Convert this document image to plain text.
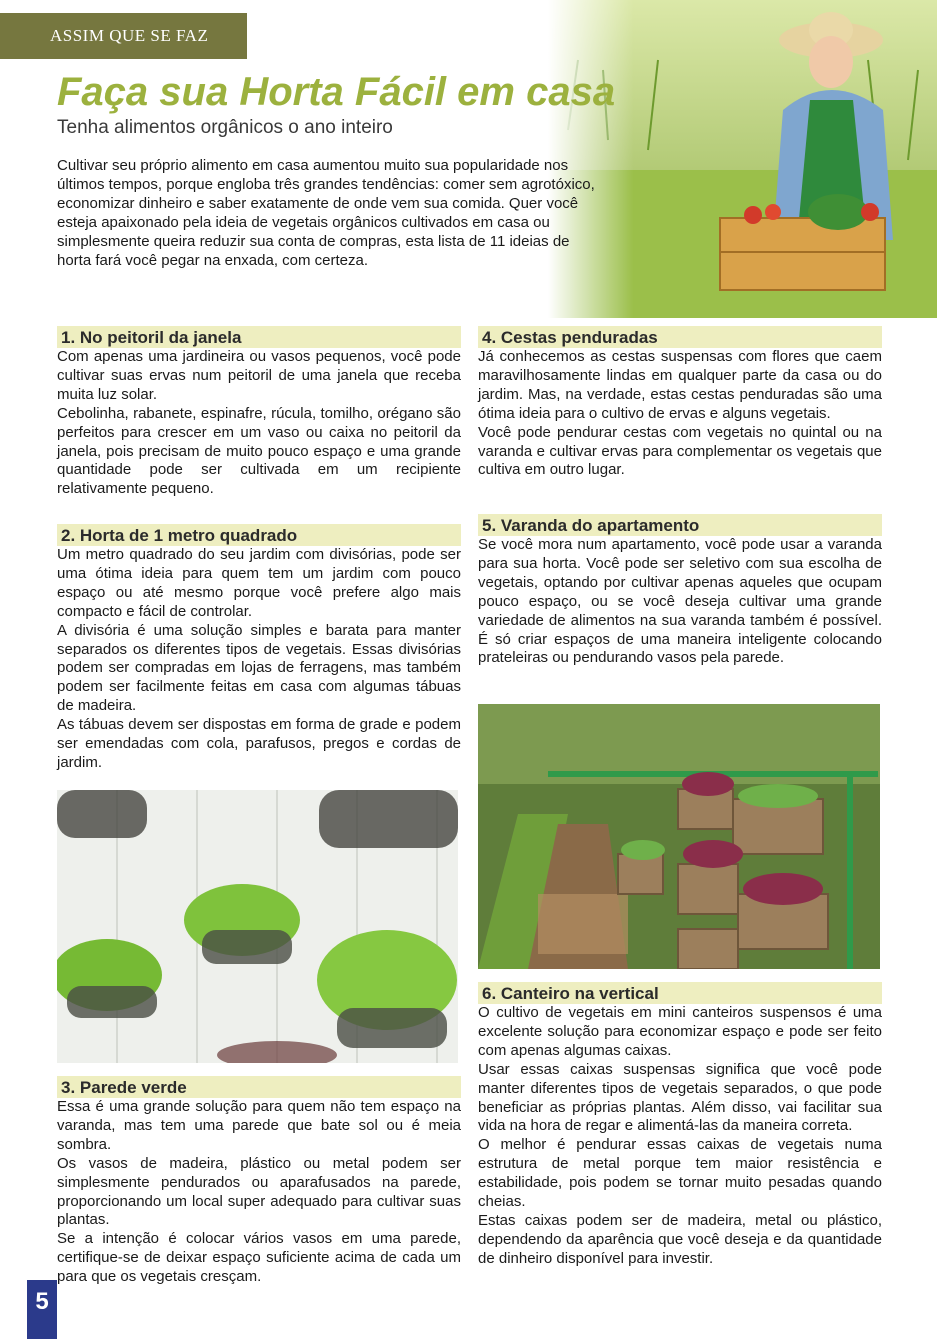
ASSIM QUE SE FAZ
Faça sua Horta Fácil em casa

Tenha alimentos orgânicos o ano inteiro

Cultivar seu próprio alimento em casa aumentou muito sua popularidade nos últimos tempos, porque engloba três grandes tendências: comer sem agrotóxico, economizar dinheiro e saber exatamente de onde vem sua comida. Quer você esteja apaixonado pela ideia de vegetais orgânicos cultivados em casa ou simplesmente queira reduzir sua conta de compras, esta lista de 11 ideias de horta fará você pegar na enxada, com certeza.
1. No peitoril da janela

Com apenas uma jardineira ou vasos pequenos, você pode cultivar suas ervas num peitoril de uma janela que receba muita luz solar.

Cebolinha, rabanete, espinafre, rúcula, tomilho, orégano são perfeitos para crescer em um vaso ou caixa no peitoril da janela, pois precisam de muito pouco espaço e uma grande quantidade pode ser cultivada em um recipiente relativamente pequeno.

2. Horta de 1 metro quadrado

Um metro quadrado do seu jardim com divisórias, pode ser uma ótima ideia para quem tem um jardim com pouco espaço ou até mesmo porque você prefere algo mais compacto e fácil de controlar.

A divisória é uma solução simples e barata para manter separados os diferentes tipos de vegetais. Essas divisórias podem ser compradas em lojas de ferragens, mas também podem ser facilmente feitas em casa com algumas tábuas de madeira.

As tábuas devem ser dispostas em forma de grade e podem ser emendadas com cola, parafusos, pregos e cordas de jardim.

3. Parede verde

Essa é uma grande solução para quem não tem espaço na varanda, mas tem uma parede que bate sol ou é meia sombra.

Os vasos de madeira, plástico ou metal podem ser simplesmente pendurados ou aparafusados na parede, proporcionando um local super adequado para cultivar suas plantas.

Se a intenção é colocar vários vasos em uma parede, certifique-se de deixar espaço suficiente acima de cada um para que os vegetais cresçam.

4. Cestas penduradas

Já conhecemos as cestas suspensas com flores que caem maravilhosamente lindas em qualquer parte da casa ou do jardim. Mas, na verdade, estas cestas penduradas são uma ótima ideia para o cultivo de ervas e alguns vegetais.

Você pode pendurar cestas com vegetais no quintal ou na varanda e cultivar ervas para complementar os vegetais que cultiva em outro lugar.

5. Varanda do apartamento

Se você mora num apartamento, você pode usar a varanda para sua horta. Você pode ser seletivo com sua escolha de vegetais, optando por cultivar apenas aqueles que ocupam pouco espaço, ou se você deseja cultivar uma grande variedade de alimentos na sua varanda também é possível. É só criar espaços de uma maneira inteligente colocando prateleiras ou pendurando vasos pela parede.

6. Canteiro na vertical

O cultivo de vegetais em mini canteiros suspensos é uma excelente solução para economizar espaço e pode ser feito com apenas algumas caixas.

Usar essas caixas suspensas significa que você pode manter diferentes tipos de vegetais separados, o que pode beneficiar as próprias plantas. Além disso, vai facilitar sua vida na hora de regar e alimentá-las da maneira correta.

O melhor é pendurar essas caixas de vegetais numa estrutura de metal porque tem maior resistência e estabilidade, pois podem se tornar muito pesadas quando cheias.

Estas caixas podem ser de madeira, metal ou plástico, dependendo da aparência que você deseja e da quantidade de dinheiro disponível para investir.

5
